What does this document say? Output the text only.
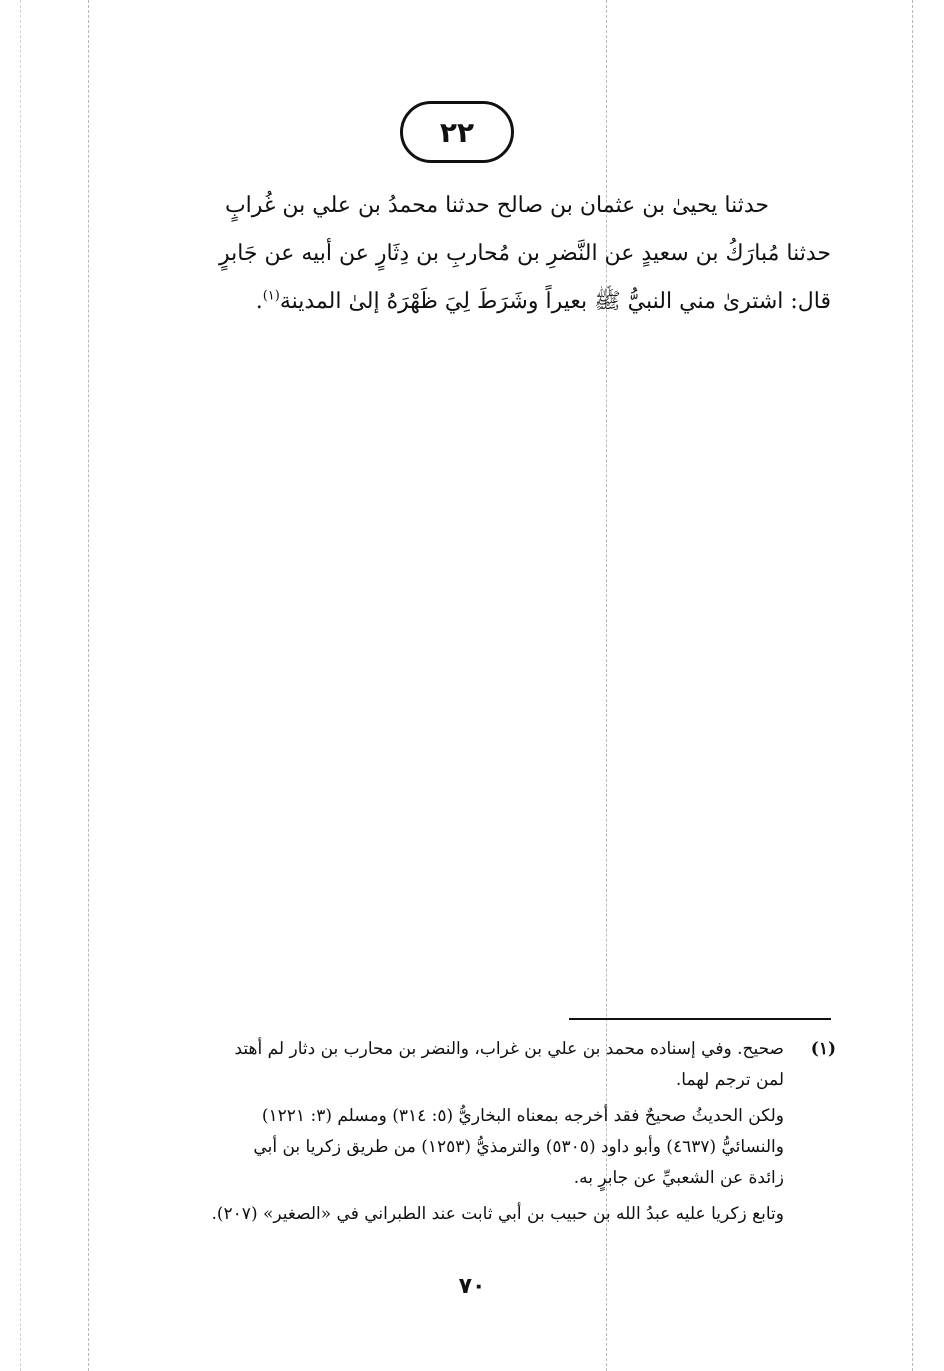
٢٢
حدثنا يحيىٰ بن عثمان بن صالح حدثنا محمدُ بن علي بن غُرابٍ
حدثنا مُبارَكُ بن سعيدٍ عن النَّضرِ بن مُحاربِ بن دِثَارٍ عن أبيه عن جَابرٍ
قال: اشترىٰ مني النبيُّ ﷺ بعيراً وشَرَطَ لِيَ ظَهْرَهُ إلىٰ المدينة$^{(١)}$.
(١)
صحيح. وفي إسناده محمد بن علي بن غراب، والنضر بن محارب بن دثار لم أهتد
لمن ترجم لهما.
ولكن الحديثُ صحيحٌ فقد أخرجه بمعناه البخاريُّ (٥: ٣١٤) ومسلم (٣: ١٢٢١)
والنسائيُّ (٤٦٣٧) وأبو داود (٥٣٠٥) والترمذيُّ (١٢٥٣) من طريق زكريا بن أبي
زائدة عن الشعبيِّ عن جابرٍ به.
وتابع زكريا عليه عبدُ الله بن حبيب بن أبي ثابت عند الطبراني في «الصغير» (٢٠٧).
٧٠
